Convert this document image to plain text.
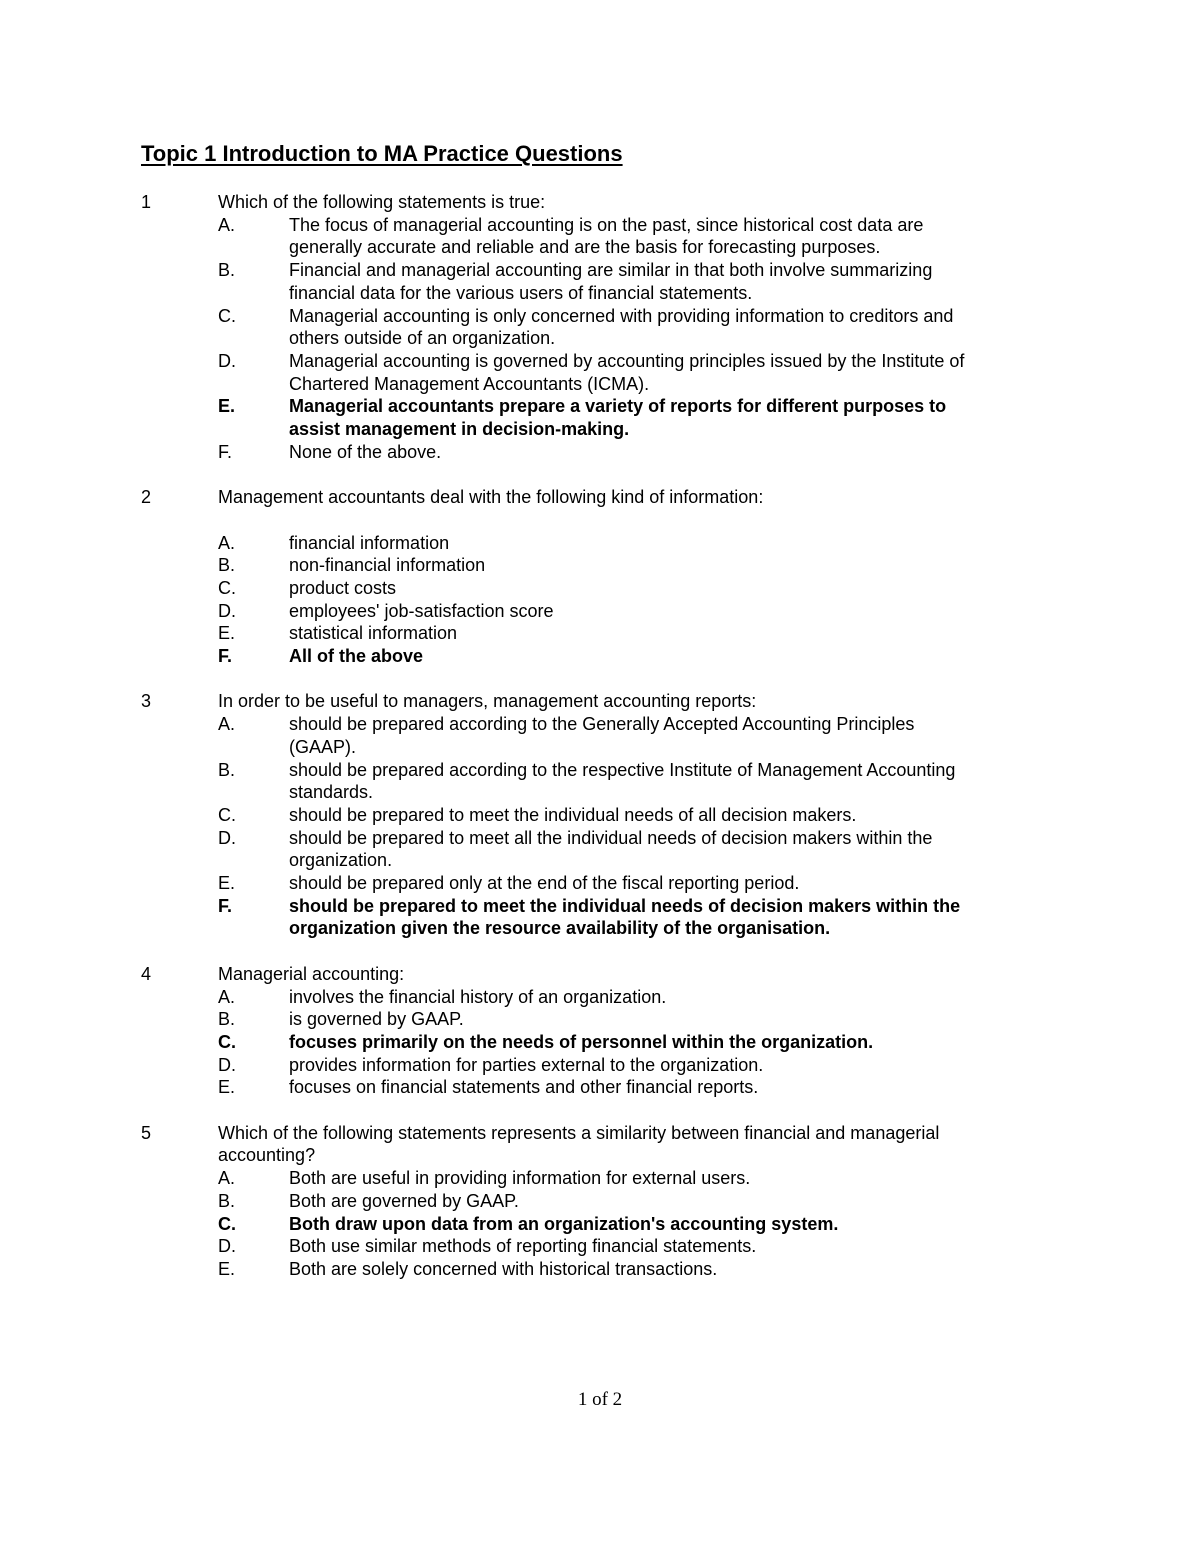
Topic 1 Introduction to MA Practice Questions
1	Which of the following statements is true:
A.	The focus of managerial accounting is on the past, since historical cost data are generally accurate and reliable and are the basis for forecasting purposes.
B.	Financial and managerial accounting are similar in that both involve summarizing financial data for the various users of financial statements.
C.	Managerial accounting is only concerned with providing information to creditors and others outside of an organization.
D.	Managerial accounting is governed by accounting principles issued by the Institute of Chartered Management Accountants (ICMA).
E.	Managerial accountants prepare a variety of reports for different purposes to assist management in decision-making.
F.	None of the above.
2	Management accountants deal with the following kind of information:
A.	financial information
B.	non-financial information
C.	product costs
D.	employees' job-satisfaction score
E.	statistical information
F.	All of the above
3	In order to be useful to managers, management accounting reports:
A.	should be prepared according to the Generally Accepted Accounting Principles (GAAP).
B.	should be prepared according to the respective Institute of Management Accounting standards.
C.	should be prepared to meet the individual needs of all decision makers.
D.	should be prepared to meet all the individual needs of decision makers within the organization.
E.	should be prepared only at the end of the fiscal reporting period.
F.	should be prepared to meet the individual needs of decision makers within the organization given the resource availability of the organisation.
4	Managerial accounting:
A.	involves the financial history of an organization.
B.	is governed by GAAP.
C.	focuses primarily on the needs of personnel within the organization.
D.	provides information for parties external to the organization.
E.	focuses on financial statements and other financial reports.
5	Which of the following statements represents a similarity between financial and managerial accounting?
A.	Both are useful in providing information for external users.
B.	Both are governed by GAAP.
C.	Both draw upon data from an organization's accounting system.
D.	Both use similar methods of reporting financial statements.
E.	Both are solely concerned with historical transactions.
1 of 2
